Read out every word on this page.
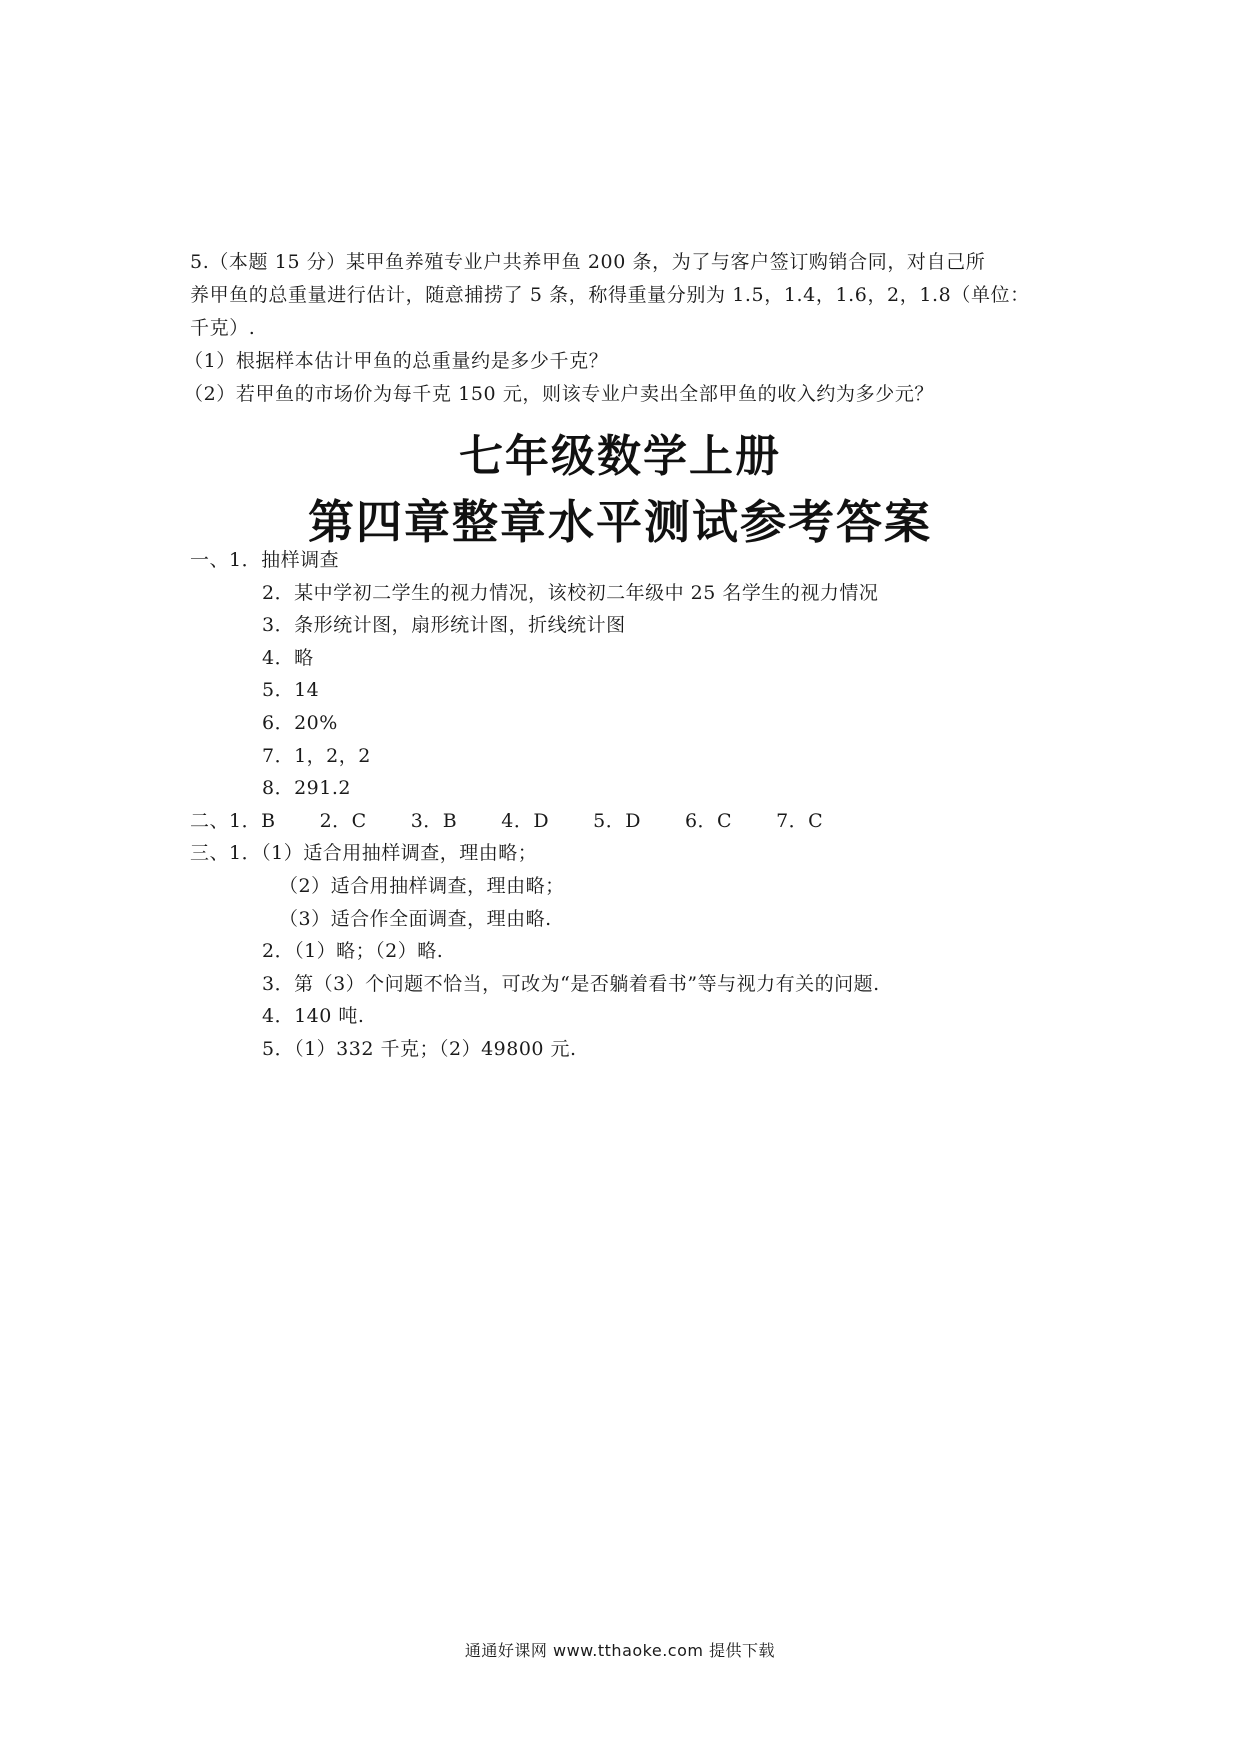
5.（本题 15 分）某甲鱼养殖专业户共养甲鱼 200 条，为了与客户签订购销合同，对自己所

养甲鱼的总重量进行估计，随意捕捞了 5 条，称得重量分别为 1.5，1.4，1.6，2，1.8（单位：

千克）.

（1）根据样本估计甲鱼的总重量约是多少千克？

（2）若甲鱼的市场价为每千克 150 元，则该专业户卖出全部甲鱼的收入约为多少元？

七年级数学上册
第四章整章水平测试参考答案
一、1．抽样调查
2．某中学初二学生的视力情况，该校初二年级中 25 名学生的视力情况
3．条形统计图，扇形统计图，折线统计图
4．略
5．14
6．20%
7．1，2，2
8．291.2
二、1．B 2．C 3．B 4．D 5．D 6．C 7．C
三、1．（1）适合用抽样调查，理由略；
（2）适合用抽样调查，理由略；
（3）适合作全面调查，理由略.
2．（1）略；（2）略.
3．第（3）个问题不恰当，可改为“是否躺着看书”等与视力有关的问题.
4．140 吨.
5．（1）332 千克；（2）49800 元.
通通好课网 www.tthaoke.com 提供下载
